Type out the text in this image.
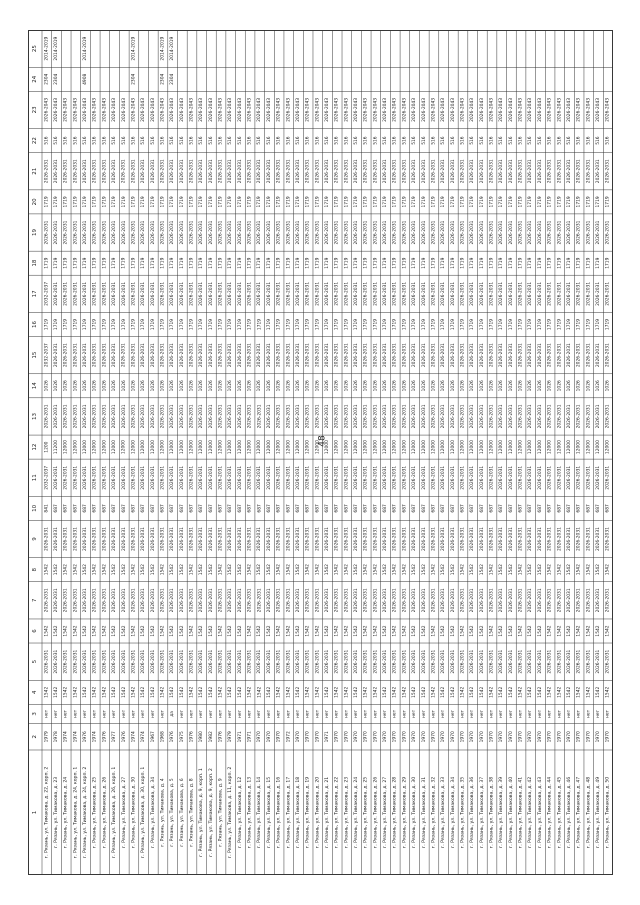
48
1
2
3
4
5
6
7
8
9
10
11
12
13
14
15
16
17
18
19
20
21
22
23
24
25
г. Рязань, ул. Тимакова, д. 22, корп. 2
1979
нет
1542
2026-2031
1542
2026-2031
1542
2026-2031
841
2032-2037
1200
2026-2031
1026
2032-2037
1719
2032-2037
1719
2026-2031
1719
2026-2031
516
2026-2043
2304
2014-2019
г. Рязань, ул. Тимакова, д. 23
1978
нет
1542
2026-2031
1542
2026-2031
1542
2026-2031
687
2026-2031
11200
2026-2031
1026
2026-2031
1719
2026-2031
1719
2026-2031
1719
2026-2031
516
2026-2043
2304
2014-2019
г. Рязань, ул. Тимакова, д. 24
1974
нет
1542
2026-2031
1542
2026-2031
1542
2026-2031
687
2026-2031
12000
2026-2031
1026
2026-2031
1719
2026-2031
1719
2026-2031
1719
2026-2031
516
2026-2043
г. Рязань, ул. Тимакова, д. 24, корп. 1
1974
нет
1542
2026-2031
1542
2026-2031
1542
2026-2031
687
2026-2031
12000
2026-2031
1026
2026-2031
1719
2026-2031
1719
2026-2031
1719
2026-2031
516
2026-2043
г. Рязань, ул. Тимакова, д. 24, корп. 2
1976
нет
1542
2026-2031
1542
2026-2031
1542
2026-2031
687
2026-2031
12000
2026-2031
1026
2026-2031
1719
2026-2031
1719
2026-2031
1719
2026-2031
516
2026-2043
4908
2014-2019
г. Рязань, ул. Тимакова, д. 25
1974
нет
1542
2026-2031
1542
2026-2031
1542
2026-2031
687
2026-2031
12000
2026-2031
1026
2026-2031
1719
2026-2031
1719
2026-2031
1719
2026-2031
516
2026-2043
г. Рязань, ул. Тимакова, д. 26
1976
нет
1542
2026-2031
1542
2026-2031
1542
2026-2031
687
2026-2031
12000
2026-2031
1026
2026-2031
1719
2026-2031
1719
2026-2031
1719
2026-2031
516
2026-2043
г. Рязань, ул. Тимакова, д. 26, корп. 1
1977
нет
1542
2026-2031
1542
2026-2031
1542
2026-2031
687
2026-2031
12000
2026-2031
1026
2026-2031
1719
2026-2031
1719
2026-2031
1719
2026-2031
516
2026-2043
г. Рязань, ул. Тимакова, д. 27
1976
нет
1542
2026-2031
1542
2026-2031
1542
2026-2031
687
2026-2031
12000
2026-2031
1026
2026-2031
1719
2026-2031
1719
2026-2031
1719
2026-2031
516
2026-2043
г. Рязань, ул. Тимакова, д. 30
1974
нет
1542
2026-2031
1542
2026-2031
1542
2026-2031
687
2026-2031
12000
2026-2031
1026
2026-2031
1719
2026-2031
1719
2026-2031
1719
2026-2031
516
2026-2043
2304
2014-2019
г. Рязань, ул. Тимакова, д. 30, корп. 1
1974
нет
1542
2026-2031
1542
2026-2031
1542
2026-2031
687
2026-2031
12000
2026-2031
1026
2026-2031
1719
2026-2031
1719
2026-2031
1719
2026-2031
516
2026-2043
г. Рязань, ул. Тимакова, д. 34
1967
нет
1542
2026-2031
1542
2026-2031
1542
2026-2031
687
2026-2031
12000
2026-2031
1026
2026-2031
1719
2026-2031
1719
2026-2031
1719
2026-2031
516
2026-2043
г. Рязань, ул. Тимакова, д. 4
1968
нет
1542
2026-2031
1542
2026-2031
1542
2026-2031
687
2026-2031
12000
2026-2031
1026
2026-2031
1719
2026-2031
1719
2026-2031
1719
2026-2031
516
2026-2043
2304
2014-2019
г. Рязань, ул. Тимакова, д. 5
1976
да
1542
2026-2031
1542
2026-2031
1542
2026-2031
687
2026-2031
12000
2026-2031
1026
2026-2031
1719
2026-2031
1719
2026-2031
1719
2026-2031
516
2026-2043
2304
2014-2019
г. Рязань, ул. Тимакова, д. 6
1975
нет
1542
2026-2031
1542
2026-2031
1542
2026-2031
687
2026-2031
12000
2026-2031
1026
2026-2031
1719
2026-2031
1719
2026-2031
1719
2026-2031
516
2026-2043
г. Рязань, ул. Тимакова, д. 8
1976
нет
1542
2026-2031
1542
2026-2031
1542
2026-2031
687
2026-2031
12000
2026-2031
1026
2026-2031
1719
2026-2031
1719
2026-2031
1719
2026-2031
516
2026-2043
г. Рязань, ул. Тимакова, д. 9, корп. 1
1980
нет
1542
2026-2031
1542
2026-2031
1542
2026-2031
687
2026-2031
12000
2026-2031
1026
2026-2031
1719
2026-2031
1719
2026-2031
1719
2026-2031
516
2026-2043
г. Рязань, ул. Тимакова, д. 9, корп. 2
1982
нет
1542
2026-2031
1542
2026-2031
1542
2026-2031
687
2026-2031
12000
2026-2031
1026
2026-2031
1719
2026-2031
1719
2026-2031
1719
2026-2031
516
2026-2043
г. Рязань, ул. Тимакова, д. 9
1976
нет
1542
2026-2031
1542
2026-2031
1542
2026-2031
687
2026-2031
12000
2026-2031
1026
2026-2031
1719
2026-2031
1719
2026-2031
1719
2026-2031
516
2026-2043
г. Рязань, ул. Тимакова, д. 11, корп. 2
1979
нет
1542
2026-2031
1542
2026-2031
1542
2026-2031
687
2026-2031
12000
2026-2031
1026
2026-2031
1719
2026-2031
1719
2026-2031
1719
2026-2031
516
2026-2043
г. Рязань, ул. Тимакова, д. 12
1971
нет
1542
2026-2031
1542
2026-2031
1542
2026-2031
687
2026-2031
12000
2026-2031
1026
2026-2031
1719
2026-2031
1719
2026-2031
1719
2026-2031
516
2026-2043
г. Рязань, ул. Тимакова, д. 13
1971
нет
1542
2026-2031
1542
2026-2031
1542
2026-2031
687
2026-2031
12000
2026-2031
1026
2026-2031
1719
2026-2031
1719
2026-2031
1719
2026-2031
516
2026-2043
г. Рязань, ул. Тимакова, д. 14
1970
нет
1542
2026-2031
1542
2026-2031
1542
2026-2031
687
2026-2031
12000
2026-2031
1026
2026-2031
1719
2026-2031
1719
2026-2031
1719
2026-2031
516
2026-2043
г. Рязань, ул. Тимакова, д. 15
1970
нет
1542
2026-2031
1542
2026-2031
1542
2026-2031
687
2026-2031
12000
2026-2031
1026
2026-2031
1719
2026-2031
1719
2026-2031
1719
2026-2031
516
2026-2043
г. Рязань, ул. Тимакова, д. 16
1970
нет
1542
2026-2031
1542
2026-2031
1542
2026-2031
687
2026-2031
12000
2026-2031
1026
2026-2031
1719
2026-2031
1719
2026-2031
1719
2026-2031
516
2026-2043
г. Рязань, ул. Тимакова, д. 17
1972
нет
1542
2026-2031
1542
2026-2031
1542
2026-2031
687
2026-2031
12000
2026-2031
1026
2026-2031
1719
2026-2031
1719
2026-2031
1719
2026-2031
516
2026-2043
г. Рязань, ул. Тимакова, д. 18
1970
нет
1542
2026-2031
1542
2026-2031
1542
2026-2031
687
2026-2031
12000
2026-2031
1026
2026-2031
1719
2026-2031
1719
2026-2031
1719
2026-2031
516
2026-2043
г. Рязань, ул. Тимакова, д. 19
1970
нет
1542
2026-2031
1542
2026-2031
1542
2026-2031
687
2026-2031
12000
2026-2031
1026
2026-2031
1719
2026-2031
1719
2026-2031
1719
2026-2031
516
2026-2043
г. Рязань, ул. Тимакова, д. 20
1970
нет
1542
2026-2031
1542
2026-2031
1542
2026-2031
687
2026-2031
12000
2026-2031
1026
2026-2031
1719
2026-2031
1719
2026-2031
1719
2026-2031
516
2026-2043
г. Рязань, ул. Тимакова, д. 21
1971
нет
1542
2026-2031
1542
2026-2031
1542
2026-2031
687
2026-2031
12000
2026-2031
1026
2026-2031
1719
2026-2031
1719
2026-2031
1719
2026-2031
516
2026-2043
г. Рязань, ул. Тимакова, д. 22
1970
нет
1542
2026-2031
1542
2026-2031
1542
2026-2031
687
2026-2031
12000
2026-2031
1026
2026-2031
1719
2026-2031
1719
2026-2031
1719
2026-2031
516
2026-2043
г. Рязань, ул. Тимакова, д. 23
1970
нет
1542
2026-2031
1542
2026-2031
1542
2026-2031
687
2026-2031
12000
2026-2031
1026
2026-2031
1719
2026-2031
1719
2026-2031
1719
2026-2031
516
2026-2043
г. Рязань, ул. Тимакова, д. 24
1970
нет
1542
2026-2031
1542
2026-2031
1542
2026-2031
687
2026-2031
12000
2026-2031
1026
2026-2031
1719
2026-2031
1719
2026-2031
1719
2026-2031
516
2026-2043
г. Рязань, ул. Тимакова, д. 25
1970
нет
1542
2026-2031
1542
2026-2031
1542
2026-2031
687
2026-2031
12000
2026-2031
1026
2026-2031
1719
2026-2031
1719
2026-2031
1719
2026-2031
516
2026-2043
г. Рязань, ул. Тимакова, д. 26
1970
нет
1542
2026-2031
1542
2026-2031
1542
2026-2031
687
2026-2031
12000
2026-2031
1026
2026-2031
1719
2026-2031
1719
2026-2031
1719
2026-2031
516
2026-2043
г. Рязань, ул. Тимакова, д. 27
1970
нет
1542
2026-2031
1542
2026-2031
1542
2026-2031
687
2026-2031
12000
2026-2031
1026
2026-2031
1719
2026-2031
1719
2026-2031
1719
2026-2031
516
2026-2043
г. Рязань, ул. Тимакова, д. 28
1970
нет
1542
2026-2031
1542
2026-2031
1542
2026-2031
687
2026-2031
12000
2026-2031
1026
2026-2031
1719
2026-2031
1719
2026-2031
1719
2026-2031
516
2026-2043
г. Рязань, ул. Тимакова, д. 29
1970
нет
1542
2026-2031
1542
2026-2031
1542
2026-2031
687
2026-2031
12000
2026-2031
1026
2026-2031
1719
2026-2031
1719
2026-2031
1719
2026-2031
516
2026-2043
г. Рязань, ул. Тимакова, д. 30
1970
нет
1542
2026-2031
1542
2026-2031
1542
2026-2031
687
2026-2031
12000
2026-2031
1026
2026-2031
1719
2026-2031
1719
2026-2031
1719
2026-2031
516
2026-2043
г. Рязань, ул. Тимакова, д. 31
1970
нет
1542
2026-2031
1542
2026-2031
1542
2026-2031
687
2026-2031
12000
2026-2031
1026
2026-2031
1719
2026-2031
1719
2026-2031
1719
2026-2031
516
2026-2043
г. Рязань, ул. Тимакова, д. 32
1970
нет
1542
2026-2031
1542
2026-2031
1542
2026-2031
687
2026-2031
12000
2026-2031
1026
2026-2031
1719
2026-2031
1719
2026-2031
1719
2026-2031
516
2026-2043
г. Рязань, ул. Тимакова, д. 33
1970
нет
1542
2026-2031
1542
2026-2031
1542
2026-2031
687
2026-2031
12000
2026-2031
1026
2026-2031
1719
2026-2031
1719
2026-2031
1719
2026-2031
516
2026-2043
г. Рязань, ул. Тимакова, д. 34
1970
нет
1542
2026-2031
1542
2026-2031
1542
2026-2031
687
2026-2031
12000
2026-2031
1026
2026-2031
1719
2026-2031
1719
2026-2031
1719
2026-2031
516
2026-2043
г. Рязань, ул. Тимакова, д. 35
1970
нет
1542
2026-2031
1542
2026-2031
1542
2026-2031
687
2026-2031
12000
2026-2031
1026
2026-2031
1719
2026-2031
1719
2026-2031
1719
2026-2031
516
2026-2043
г. Рязань, ул. Тимакова, д. 36
1970
нет
1542
2026-2031
1542
2026-2031
1542
2026-2031
687
2026-2031
12000
2026-2031
1026
2026-2031
1719
2026-2031
1719
2026-2031
1719
2026-2031
516
2026-2043
г. Рязань, ул. Тимакова, д. 37
1970
нет
1542
2026-2031
1542
2026-2031
1542
2026-2031
687
2026-2031
12000
2026-2031
1026
2026-2031
1719
2026-2031
1719
2026-2031
1719
2026-2031
516
2026-2043
г. Рязань, ул. Тимакова, д. 38
1970
нет
1542
2026-2031
1542
2026-2031
1542
2026-2031
687
2026-2031
12000
2026-2031
1026
2026-2031
1719
2026-2031
1719
2026-2031
1719
2026-2031
516
2026-2043
г. Рязань, ул. Тимакова, д. 39
1970
нет
1542
2026-2031
1542
2026-2031
1542
2026-2031
687
2026-2031
12000
2026-2031
1026
2026-2031
1719
2026-2031
1719
2026-2031
1719
2026-2031
516
2026-2043
г. Рязань, ул. Тимакова, д. 40
1970
нет
1542
2026-2031
1542
2026-2031
1542
2026-2031
687
2026-2031
12000
2026-2031
1026
2026-2031
1719
2026-2031
1719
2026-2031
1719
2026-2031
516
2026-2043
г. Рязань, ул. Тимакова, д. 41
1970
нет
1542
2026-2031
1542
2026-2031
1542
2026-2031
687
2026-2031
12000
2026-2031
1026
2026-2031
1719
2026-2031
1719
2026-2031
1719
2026-2031
516
2026-2043
г. Рязань, ул. Тимакова, д. 42
1970
нет
1542
2026-2031
1542
2026-2031
1542
2026-2031
687
2026-2031
12000
2026-2031
1026
2026-2031
1719
2026-2031
1719
2026-2031
1719
2026-2031
516
2026-2043
г. Рязань, ул. Тимакова, д. 43
1970
нет
1542
2026-2031
1542
2026-2031
1542
2026-2031
687
2026-2031
12000
2026-2031
1026
2026-2031
1719
2026-2031
1719
2026-2031
1719
2026-2031
516
2026-2043
г. Рязань, ул. Тимакова, д. 44
1970
нет
1542
2026-2031
1542
2026-2031
1542
2026-2031
687
2026-2031
12000
2026-2031
1026
2026-2031
1719
2026-2031
1719
2026-2031
1719
2026-2031
516
2026-2043
г. Рязань, ул. Тимакова, д. 45
1970
нет
1542
2026-2031
1542
2026-2031
1542
2026-2031
687
2026-2031
12000
2026-2031
1026
2026-2031
1719
2026-2031
1719
2026-2031
1719
2026-2031
516
2026-2043
г. Рязань, ул. Тимакова, д. 46
1970
нет
1542
2026-2031
1542
2026-2031
1542
2026-2031
687
2026-2031
12000
2026-2031
1026
2026-2031
1719
2026-2031
1719
2026-2031
1719
2026-2031
516
2026-2043
г. Рязань, ул. Тимакова, д. 47
1970
нет
1542
2026-2031
1542
2026-2031
1542
2026-2031
687
2026-2031
12000
2026-2031
1026
2026-2031
1719
2026-2031
1719
2026-2031
1719
2026-2031
516
2026-2043
г. Рязань, ул. Тимакова, д. 48
1970
нет
1542
2026-2031
1542
2026-2031
1542
2026-2031
687
2026-2031
12000
2026-2031
1026
2026-2031
1719
2026-2031
1719
2026-2031
1719
2026-2031
516
2026-2043
г. Рязань, ул. Тимакова, д. 49
1970
нет
1542
2026-2031
1542
2026-2031
1542
2026-2031
687
2026-2031
12000
2026-2031
1026
2026-2031
1719
2026-2031
1719
2026-2031
1719
2026-2031
516
2026-2043
г. Рязань, ул. Тимакова, д. 50
1970
нет
1542
2026-2031
1542
2026-2031
1542
2026-2031
687
2026-2031
12000
2026-2031
1026
2026-2031
1719
2026-2031
1719
2026-2031
1719
2026-2031
516
2026-2043
